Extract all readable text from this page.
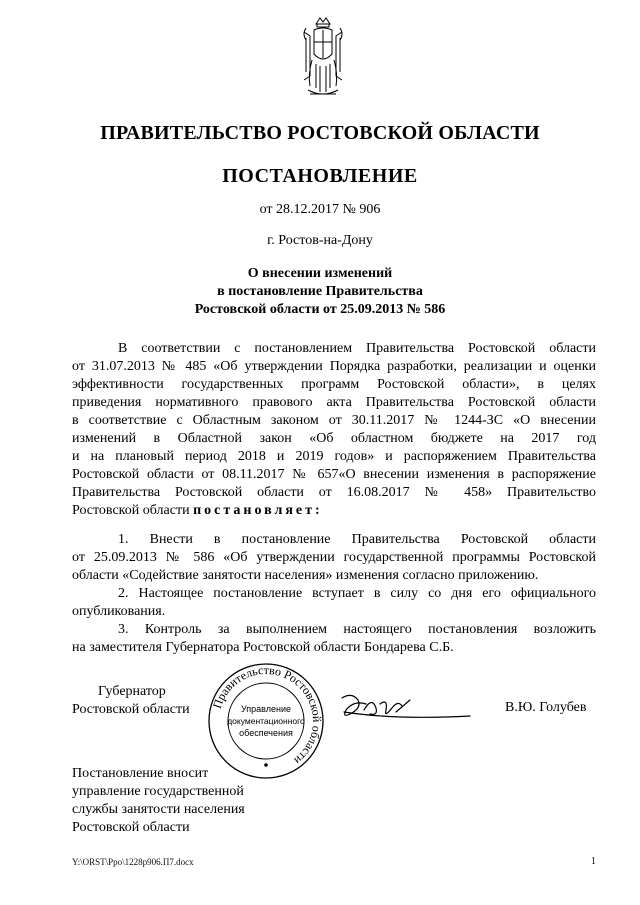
ПРАВИТЕЛЬСТВО РОСТОВСКОЙ ОБЛАСТИ
ПОСТАНОВЛЕНИЕ
от 28.12.2017 № 906
г. Ростов-на-Дону
О внесении изменений
в постановление Правительства
Ростовской области от 25.09.2013 № 586
В соответствии с постановлением Правительства Ростовской области
от 31.07.2013 № 485 «Об утверждении Порядка разработки, реализации и оценки
эффективности государственных программ Ростовской области», в целях
приведения нормативного правового акта Правительства Ростовской области
в соответствие с Областным законом от 30.11.2017 № 1244-ЗС «О внесении
изменений в Областной закон «Об областном бюджете на 2017 год
и на плановый период 2018 и 2019 годов» и распоряжением Правительства
Ростовской области от 08.11.2017 № 657«О внесении изменения в распоряжение
Правительства Ростовской области от 16.08.2017 № 458» Правительство
Ростовской области постановляет:
1. Внести в постановление Правительства Ростовской области
от 25.09.2013 № 586 «Об утверждении государственной программы Ростовской
области «Содействие занятости населения» изменения согласно приложению.
2. Настоящее постановление вступает в силу со дня его официального
опубликования.
3. Контроль за выполнением настоящего постановления возложить
на заместителя Губернатора Ростовской области Бондарева С.Б.
Губернатор
Ростовской области Правительство Ростовской области
Управление
документационного
обеспечения
В.Ю. Голубев
Постановление вносит
управление государственной
службы занятости населения
Ростовской области
Y:\ORST\Ppo\1228p906.П7.docx	1
